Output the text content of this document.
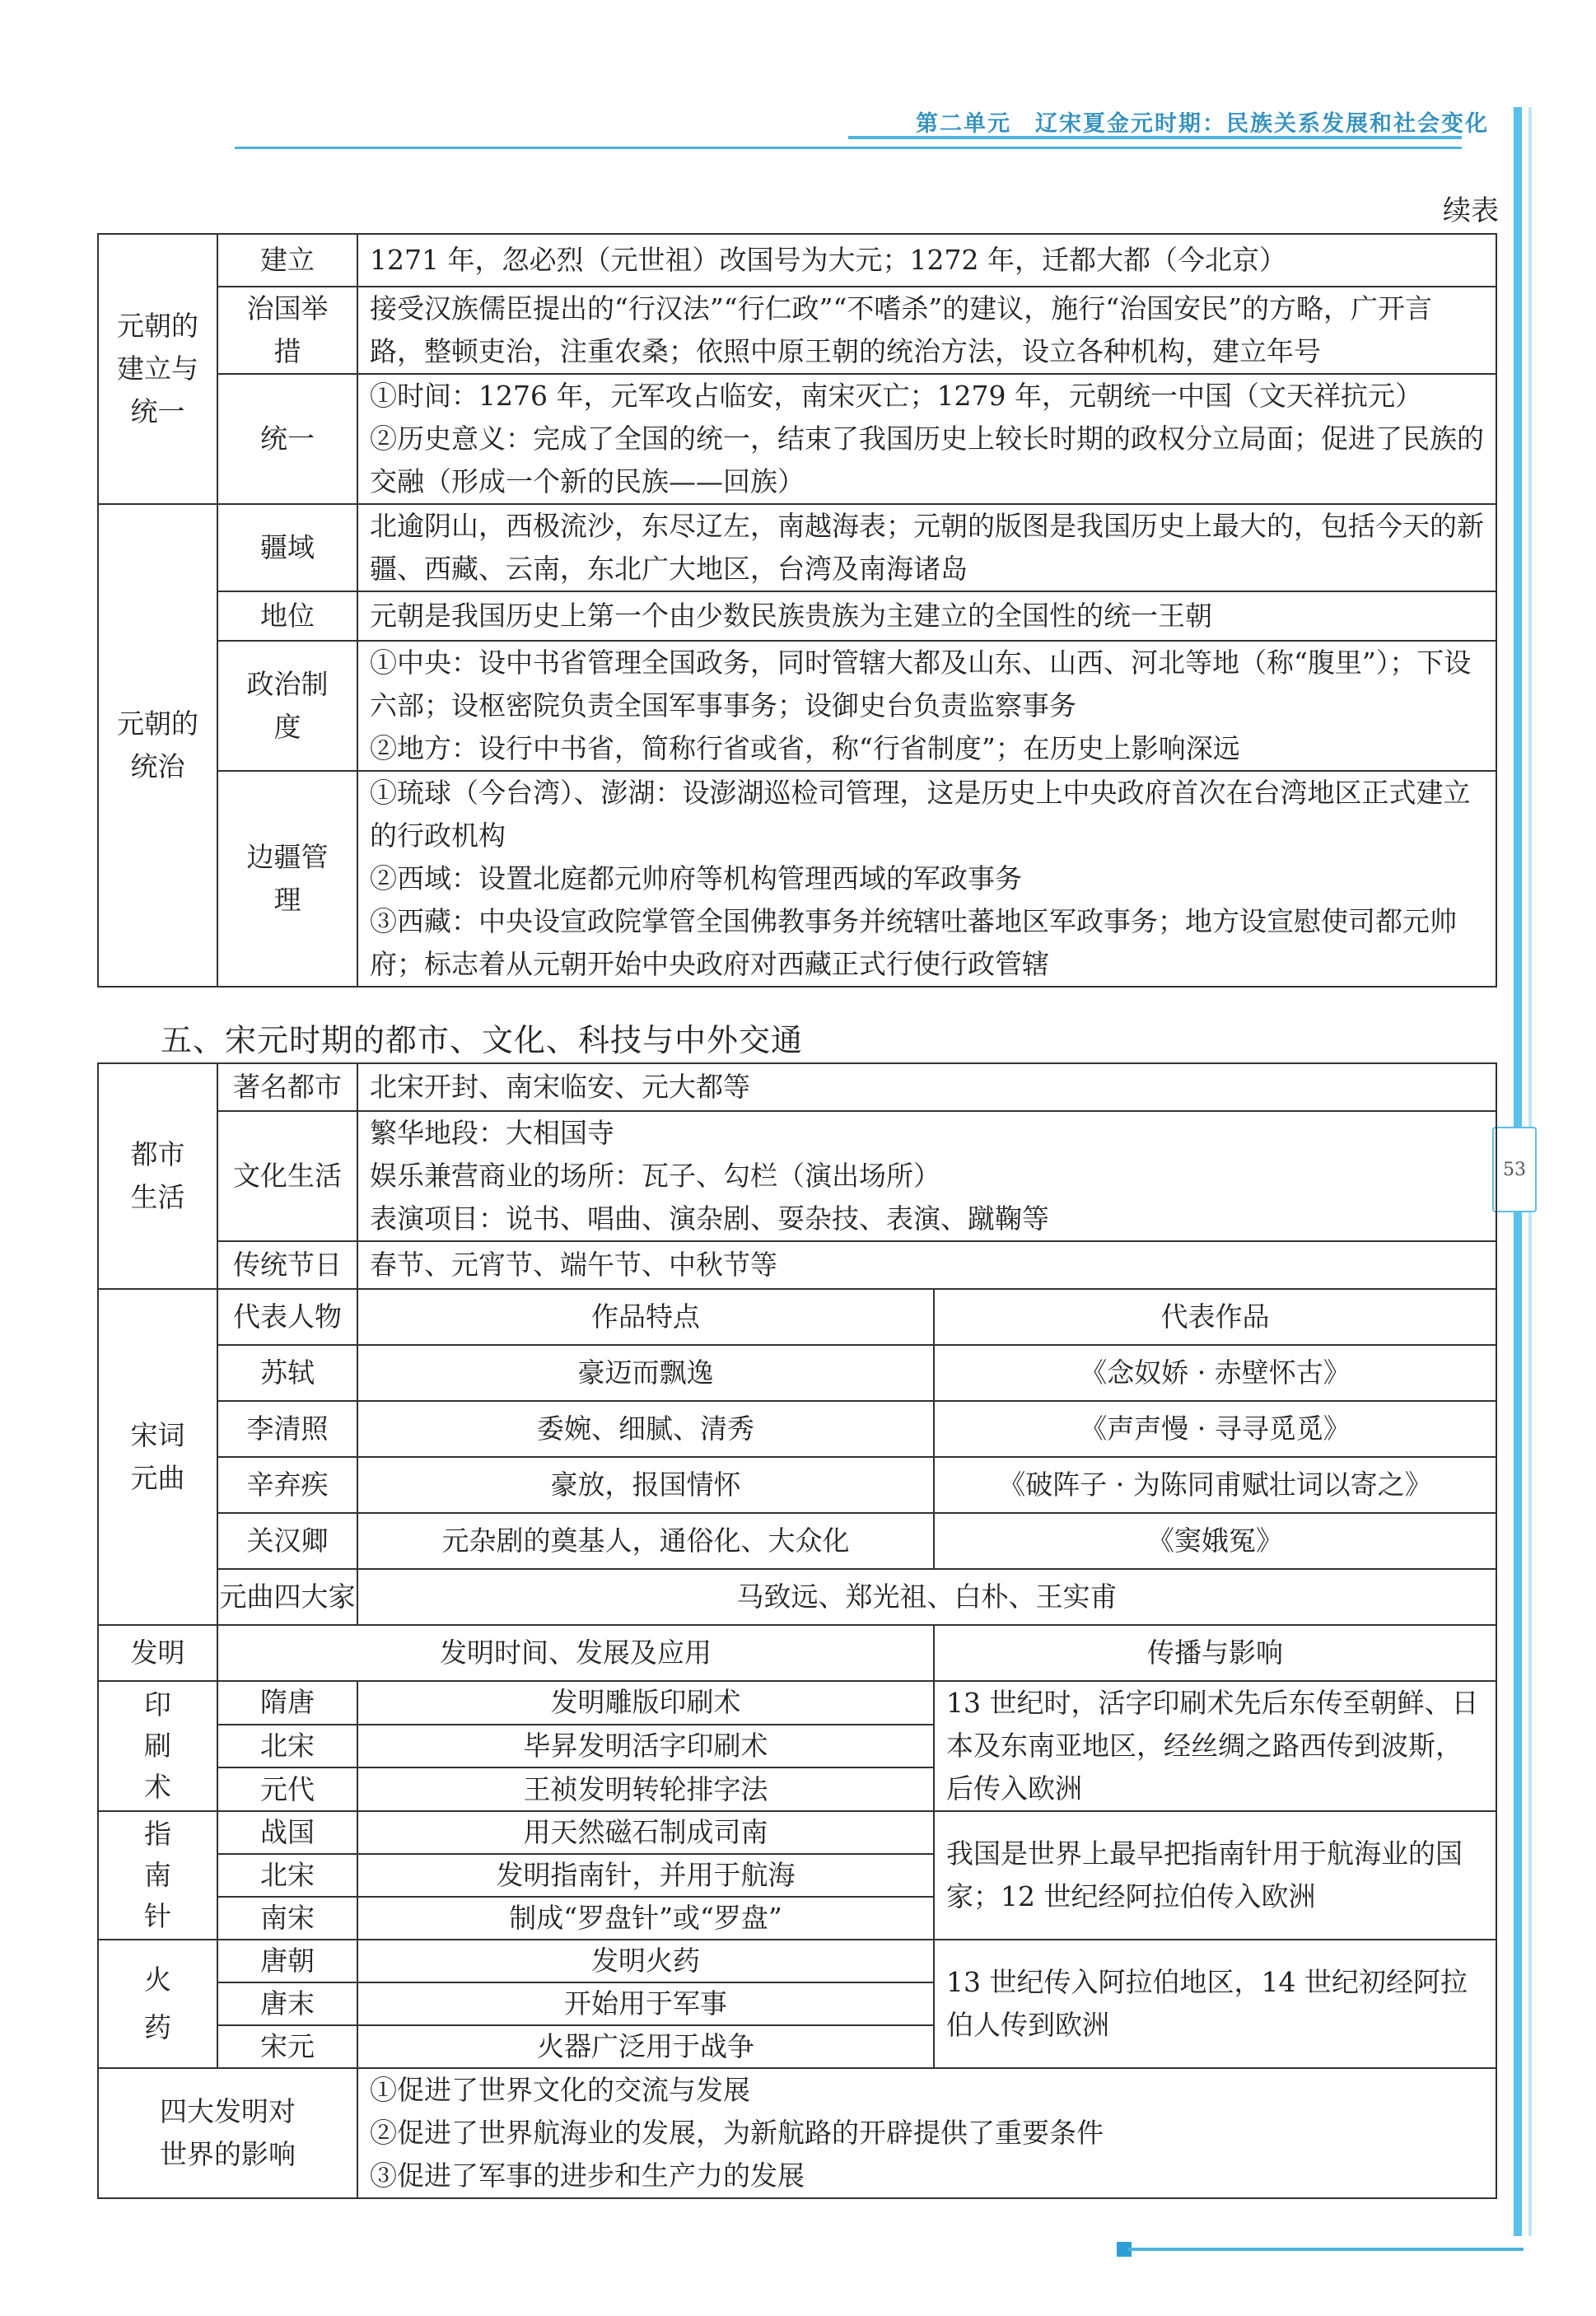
第二单元　辽宋夏金元时期：民族关系发展和社会变化
53
续表
元朝的建立与统一	建立	1271 年，忽必烈（元世祖）改国号为大元；1272 年，迁都大都（今北京）
	治国举措	接受汉族儒臣提出的“行汉法”“行仁政”“不嗜杀”的建议，施行“治国安民”的方略，广开言路，整顿吏治，注重农桑；依照中原王朝的统治方法，设立各种机构，建立年号
	统一	①时间：1276 年，元军攻占临安，南宋灭亡；1279 年，元朝统一中国（文天祥抗元）
②历史意义：完成了全国的统一，结束了我国历史上较长时期的政权分立局面；促进了民族的交融（形成一个新的民族——回族）

元朝的统治	疆域	北逾阴山，西极流沙，东尽辽左，南越海表；元朝的版图是我国历史上最大的，包括今天的新疆、西藏、云南，东北广大地区，台湾及南海诸岛
	地位	元朝是我国历史上第一个由少数民族贵族为主建立的全国性的统一王朝
	政治制度	①中央：设中书省管理全国政务，同时管辖大都及山东、山西、河北等地（称“腹里”）；下设六部；设枢密院负责全国军事事务；设御史台负责监察事务
②地方：设行中书省，简称行省或省，称“行省制度”；在历史上影响深远

	边疆管理	①琉球（今台湾）、澎湖：设澎湖巡检司管理，这是历史上中央政府首次在台湾地区正式建立的行政机构
②西域：设置北庭都元帅府等机构管理西域的军政事务
③西藏：中央设宣政院掌管全国佛教事务并统辖吐蕃地区军政事务；地方设宣慰使司都元帅府；标志着从元朝开始中央政府对西藏正式行使行政管辖
五、宋元时期的都市、文化、科技与中外交通
都市生活	著名都市	北宋开封、南宋临安、元大都等	
	文化生活	繁华地段：大相国寺
娱乐兼营商业的场所：瓦子、勾栏（演出场所）
表演项目：说书、唱曲、演杂剧、耍杂技、表演、蹴鞠等	

	传统节日	春节、元宵节、端午节、中秋节等	
宋词元曲	代表人物	作品特点	代表作品
	苏轼	豪迈而飘逸	《念奴娇 · 赤壁怀古》
	李清照	委婉、细腻、清秀	《声声慢 · 寻寻觅觅》
	辛弃疾	豪放，报国情怀	《破阵子 · 为陈同甫赋壮词以寄之》
	关汉卿	元杂剧的奠基人，通俗化、大众化	《窦娥冤》
	元曲四大家	马致远、郑光祖、白朴、王实甫	
发明	发明时间、发展及应用		传播与影响

印刷术	隋唐	发明雕版印刷术	13 世纪时，活字印刷术先后东传至朝鲜、日本及东南亚地区，经丝绸之路西传到波斯，后传入欧洲
	北宋	毕昇发明活字印刷术	
	元代	王祯发明转轮排字法	

指南针	战国	用天然磁石制成司南	我国是世界上最早把指南针用于航海业的国家；12 世纪经阿拉伯传入欧洲
	北宋	发明指南针，并用于航海	
	南宋	制成“罗盘针”或“罗盘”	

火药	唐朝	发明火药	13 世纪传入阿拉伯地区，14 世纪初经阿拉伯人传到欧洲
	唐末	开始用于军事	
	宋元	火器广泛用于战争	
四大发明对世界的影响		①促进了世界文化的交流与发展
②促进了世界航海业的发展，为新航路的开辟提供了重要条件
③促进了军事的进步和生产力的发展	
